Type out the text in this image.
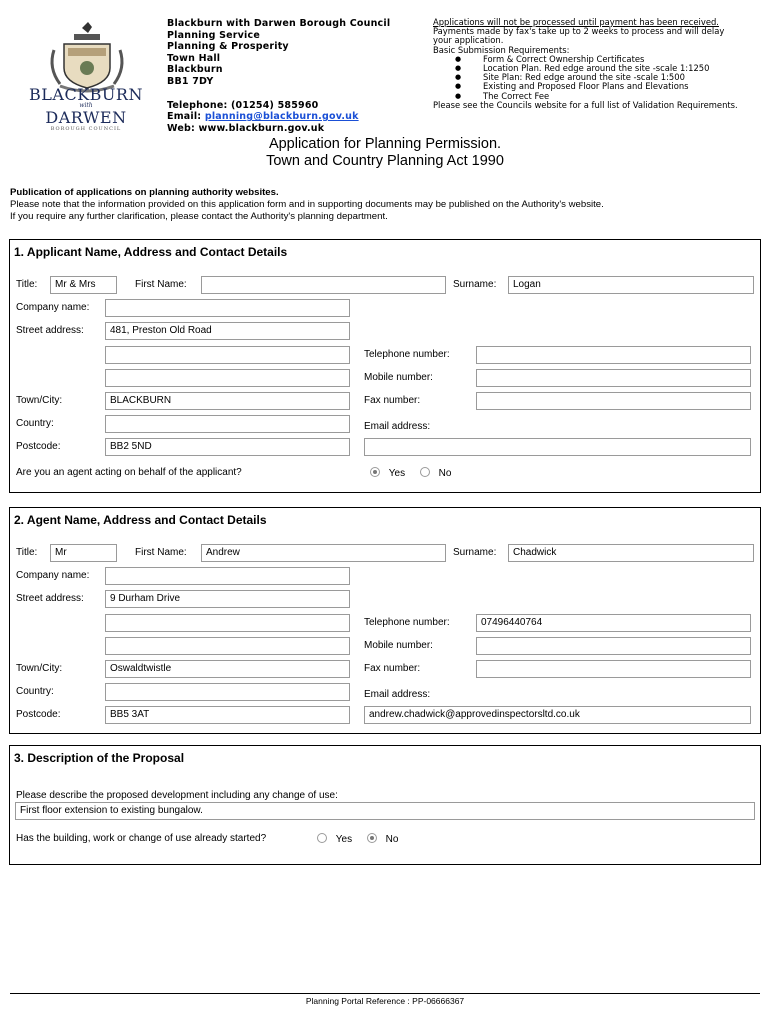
BLACKBURN
with
DARWEN
BOROUGH COUNCIL
Blackburn with Darwen Borough Council
Planning Service
Planning & Prosperity
Town Hall
Blackburn
BB1 7DY
Telephone: (01254) 585960
Email: planning@blackburn.gov.uk
Web: www.blackburn.gov.uk
Applications will not be processed until payment has been received.
Payments made by fax's take up to 2 weeks to process and will delay your application.
Basic Submission Requirements:
● Form & Correct Ownership Certificates
● Location Plan. Red edge around the site -scale 1:1250
● Site Plan: Red edge around the site -scale 1:500
● Existing and Proposed Floor Plans and Elevations
● The Correct Fee
Please see the Councils website for a full list of Validation Requirements.
Application for Planning Permission.
Town and Country Planning Act 1990
Publication of applications on planning authority websites.
Please note that the information provided on this application form and in supporting documents may be published on the Authority's website.
If you require any further clarification, please contact the Authority's planning department.
1. Applicant Name, Address and Contact Details
Title:	Mr & Mrs	First Name:	Surname:	Logan
Company name:
Street address:	481, Preston Old Road
Telephone number:
Mobile number:
Town/City:	BLACKBURN	Fax number:
Country:	Email address:
Postcode:	BB2 5ND
Are you an agent acting on behalf of the applicant?	Yes	No
2. Agent Name, Address and Contact Details
Title:	Mr	First Name:	Andrew	Surname:	Chadwick
Company name:
Street address:	9 Durham Drive
Telephone number:	07496440764
Mobile number:
Town/City:	Oswaldtwistle	Fax number:
Country:	Email address:
Postcode:	BB5 3AT	andrew.chadwick@approvedinspectorsltd.co.uk
3. Description of the Proposal
Please describe the proposed development including any change of use:
First floor extension to existing bungalow.
Has the building, work or change of use already started?	Yes	No
Planning Portal Reference : PP-06666367
